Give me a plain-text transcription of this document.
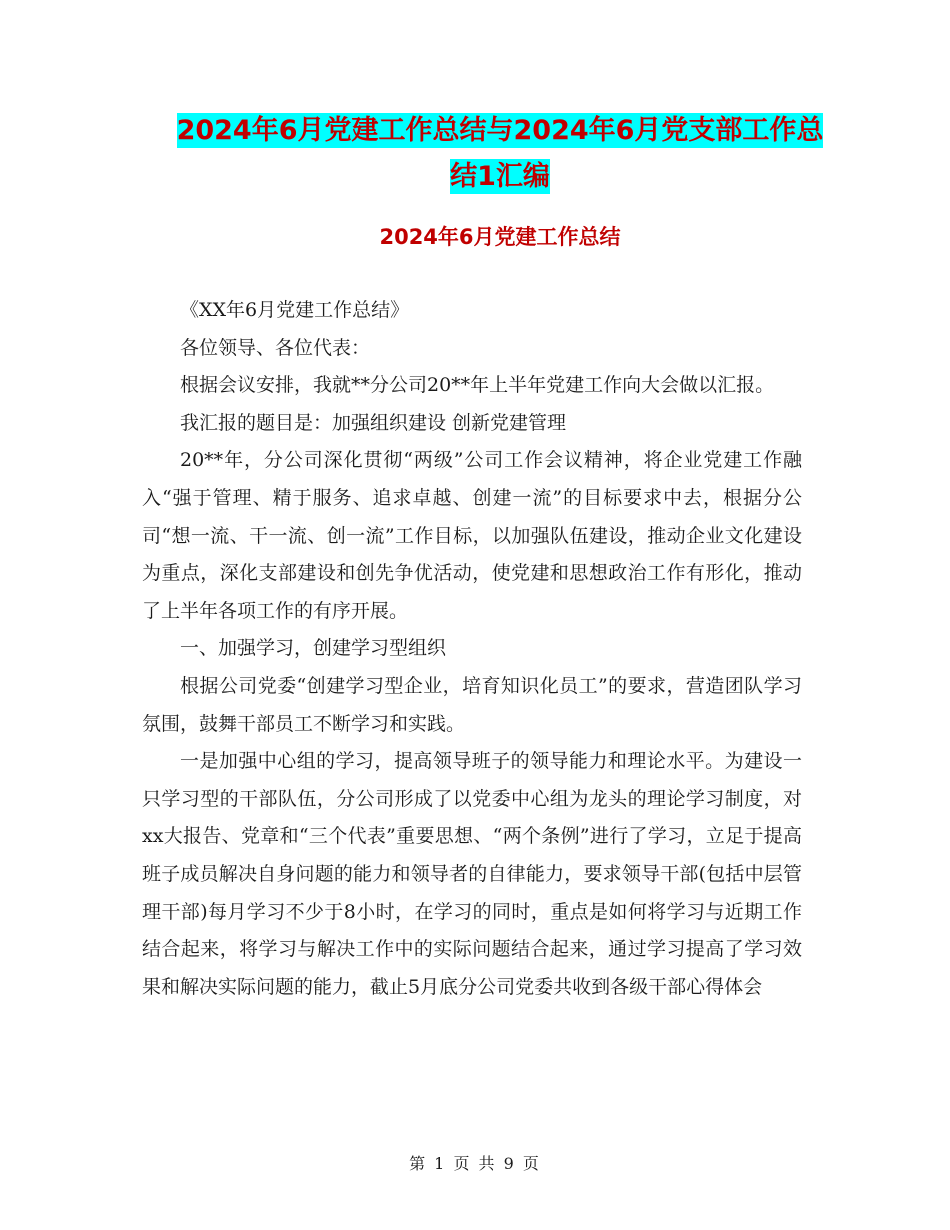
2024年6月党建工作总结与2024年6月党支部工作总
结1汇编
2024年6月党建工作总结

《XX年6月党建工作总结》

各位领导、各位代表：

根据会议安排，我就**分公司20**年上半年党建工作向大会做以汇报。

我汇报的题目是：加强组织建设 创新党建管理

20**年，分公司深化贯彻“两级”公司工作会议精神，将企业党建工作融入“强于管理、精于服务、追求卓越、创建一流”的目标要求中去，根据分公司“想一流、干一流、创一流”工作目标，以加强队伍建设，推动企业文化建设为重点，深化支部建设和创先争优活动，使党建和思想政治工作有形化，推动了上半年各项工作的有序开展。

一、加强学习，创建学习型组织

根据公司党委“创建学习型企业，培育知识化员工”的要求，营造团队学习氛围，鼓舞干部员工不断学习和实践。

一是加强中心组的学习，提高领导班子的领导能力和理论水平。为建设一只学习型的干部队伍，分公司形成了以党委中心组为龙头的理论学习制度，对xx大报告、党章和“三个代表”重要思想、“两个条例”进行了学习，立足于提高班子成员解决自身问题的能力和领导者的自律能力，要求领导干部(包括中层管理干部)每月学习不少于8小时，在学习的同时，重点是如何将学习与近期工作结合起来，将学习与解决工作中的实际问题结合起来，通过学习提高了学习效果和解决实际问题的能力，截止5月底分公司党委共收到各级干部心得体会

第 1 页 共 9 页
